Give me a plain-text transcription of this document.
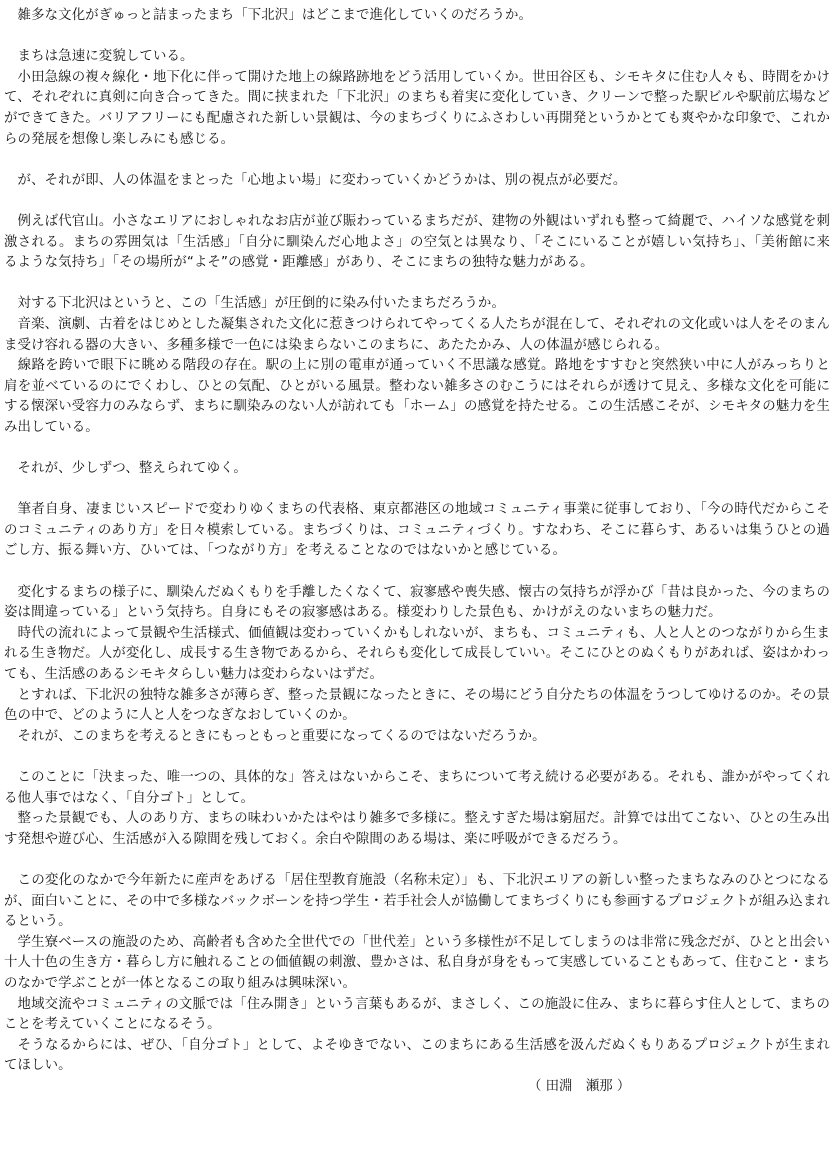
　雑多な文化がぎゅっと詰まったまち「下北沢」はどこまで進化していくのだろうか。

　まちは急速に変貌している。

　小田急線の複々線化・地下化に伴って開けた地上の線路跡地をどう活用していくか。世田谷区も、シモキタに住む人々も、時間をかけて、それぞれに真剣に向き合ってきた。間に挟まれた「下北沢」のまちも着実に変化していき、クリーンで整った駅ビルや駅前広場などができてきた。バリアフリーにも配慮された新しい景観は、今のまちづくりにふさわしい再開発というかとても爽やかな印象で、これからの発展を想像し楽しみにも感じる。

　が、それが即、人の体温をまとった「心地よい場」に変わっていくかどうかは、別の視点が必要だ。

　例えば代官山。小さなエリアにおしゃれなお店が並び賑わっているまちだが、建物の外観はいずれも整って綺麗で、ハイソな感覚を刺激される。まちの雰囲気は「生活感」「自分に馴染んだ心地よさ」の空気とは異なり、「そこにいることが嬉しい気持ち」、「美術館に来るような気持ち」「その場所が“よそ”の感覚・距離感」があり、そこにまちの独特な魅力がある。

　対する下北沢はというと、この「生活感」が圧倒的に染み付いたまちだろうか。

　音楽、演劇、古着をはじめとした凝集された文化に惹きつけられてやってくる人たちが混在して、それぞれの文化或いは人をそのまんま受け容れる器の大きい、多種多様で一色には染まらないこのまちに、あたたかみ、人の体温が感じられる。

　線路を跨いで眼下に眺める階段の存在。駅の上に別の電車が通っていく不思議な感覚。路地をすすむと突然狭い中に人がみっちりと肩を並べているのにでくわし、ひとの気配、ひとがいる風景。整わない雑多さのむこうにはそれらが透けて見え、多様な文化を可能にする懐深い受容力のみならず、まちに馴染みのない人が訪れても「ホーム」の感覚を持たせる。この生活感こそが、シモキタの魅力を生み出している。

　それが、少しずつ、整えられてゆく。

　筆者自身、凄まじいスピードで変わりゆくまちの代表格、東京都港区の地域コミュニティ事業に従事しており、「今の時代だからこそのコミュニティのあり方」を日々模索している。まちづくりは、コミュニティづくり。すなわち、そこに暮らす、あるいは集うひとの過ごし方、振る舞い方、ひいては、「つながり方」を考えることなのではないかと感じている。

　変化するまちの様子に、馴染んだぬくもりを手離したくなくて、寂寥感や喪失感、懐古の気持ちが浮かび「昔は良かった、今のまちの姿は間違っている」という気持ち。自身にもその寂寥感はある。様変わりした景色も、かけがえのないまちの魅力だ。

　時代の流れによって景観や生活様式、価値観は変わっていくかもしれないが、まちも、コミュニティも、人と人とのつながりから生まれる生き物だ。人が変化し、成長する生き物であるから、それらも変化して成長していい。そこにひとのぬくもりがあれば、姿はかわっても、生活感のあるシモキタらしい魅力は変わらないはずだ。

　とすれば、下北沢の独特な雑多さが薄らぎ、整った景観になったときに、その場にどう自分たちの体温をうつしてゆけるのか。その景色の中で、どのように人と人をつなぎなおしていくのか。

　それが、このまちを考えるときにもっともっと重要になってくるのではないだろうか。

　このことに「決まった、唯一つの、具体的な」答えはないからこそ、まちについて考え続ける必要がある。それも、誰かがやってくれる他人事ではなく、「自分ゴト」として。

　整った景観でも、人のあり方、まちの味わいかたはやはり雑多で多様に。整えすぎた場は窮屈だ。計算では出てこない、ひとの生み出す発想や遊び心、生活感が入る隙間を残しておく。余白や隙間のある場は、楽に呼吸ができるだろう。

　この変化のなかで今年新たに産声をあげる「居住型教育施設（名称未定）」も、下北沢エリアの新しい整ったまちなみのひとつになるが、面白いことに、その中で多様なバックボーンを持つ学生・若手社会人が協働してまちづくりにも参画するプロジェクトが組み込まれるという。

　学生寮ベースの施設のため、高齢者も含めた全世代での「世代差」という多様性が不足してしまうのは非常に残念だが、ひとと出会い十人十色の生き方・暮らし方に触れることの価値観の刺激、豊かさは、私自身が身をもって実感していることもあって、住むこと・まちのなかで学ぶことが一体となるこの取り組みは興味深い。

　地域交流やコミュニティの文脈では「住み開き」という言葉もあるが、まさしく、この施設に住み、まちに暮らす住人として、まちのことを考えていくことになるそう。

　そうなるからには、ぜひ、「自分ゴト」として、よそゆきでない、このまちにある生活感を汲んだぬくもりあるプロジェクトが生まれてほしい。

（ 田淵　瀬那 ）
